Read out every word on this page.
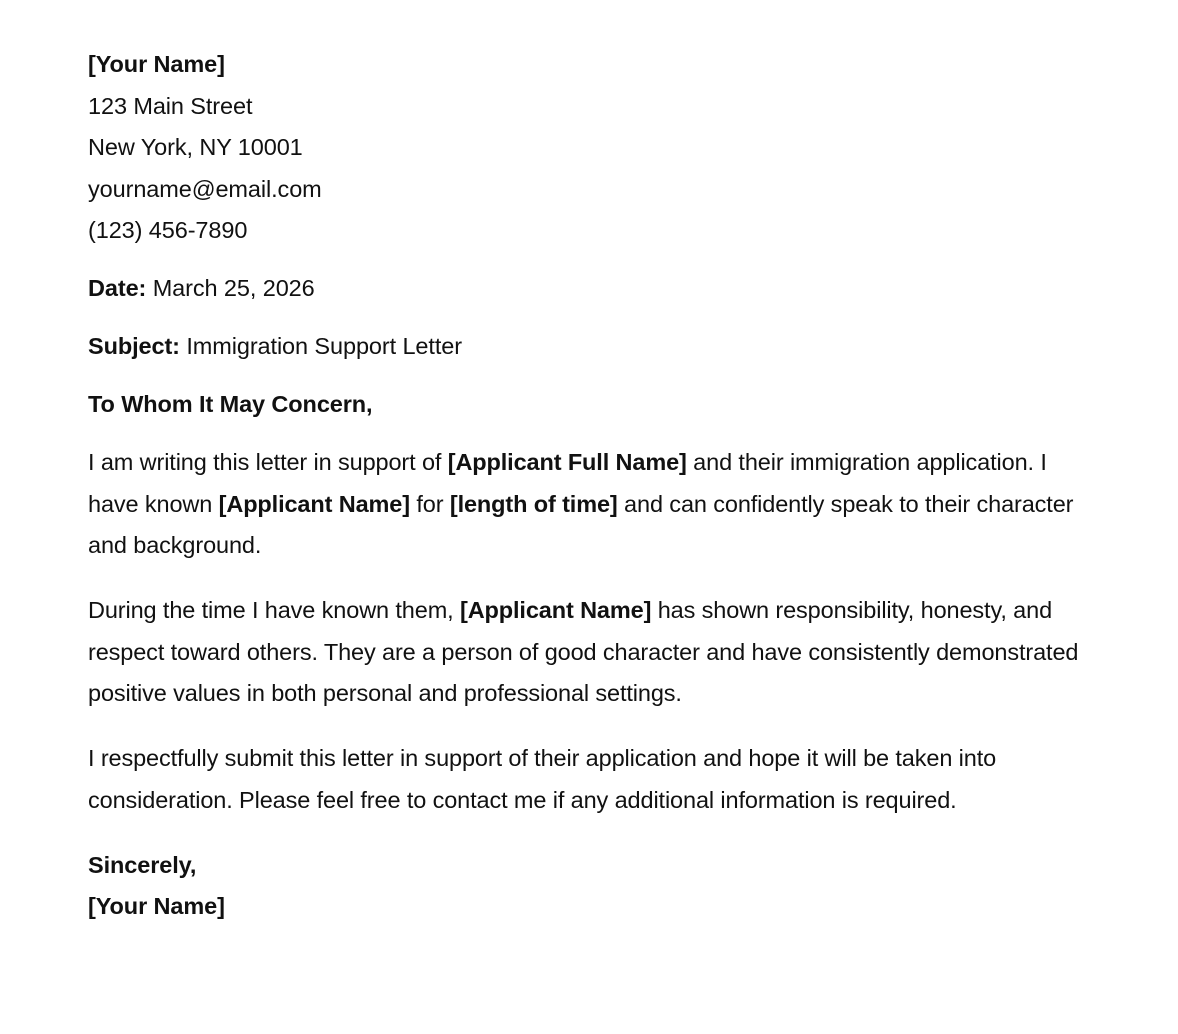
[Your Name]
123 Main Street
New York, NY 10001
yourname@email.com
(123) 456-7890
Date: March 25, 2026
Subject: Immigration Support Letter
To Whom It May Concern,

I am writing this letter in support of [Applicant Full Name] and their immigration application. I have known [Applicant Name] for [length of time] and can confidently speak to their character and background.

During the time I have known them, [Applicant Name] has shown responsibility, honesty, and respect toward others. They are a person of good character and have consistently demonstrated positive values in both personal and professional settings.

I respectfully submit this letter in support of their application and hope it will be taken into consideration. Please feel free to contact me if any additional information is required.

Sincerely,
[Your Name]
